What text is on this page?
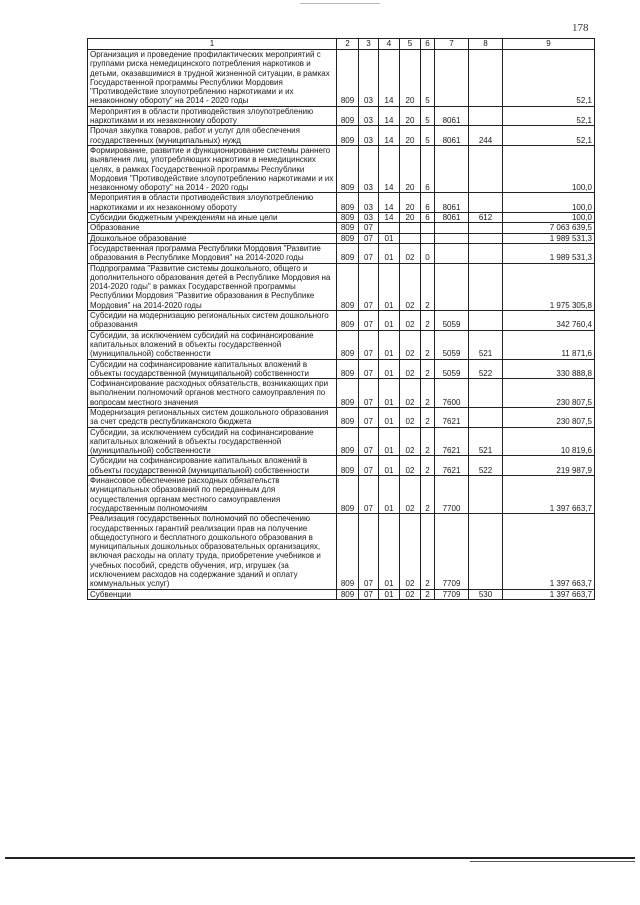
178
1	2	3	4	5	6	7	8	9
Организация и проведение профилактических мероприятий с группами риска немедицинского потребления наркотиков и детьми, оказавшимися в трудной жизненной ситуации, в рамках Государственной программы Республики Мордовия "Противодействие злоупотреблению наркотиками и их незаконному обороту" на 2014 - 2020 годы	809	03	14	20	5			52,1
Мероприятия в области противодействия злоупотреблению наркотиками и их незаконному обороту	809	03	14	20	5	8061		52,1
Прочая закупка товаров, работ и услуг для обеспечения государственных (муниципальных) нужд	809	03	14	20	5	8061	244	52,1
Формирование, развитие и функционирование системы раннего выявления лиц, употребляющих наркотики в немедицинских целях, в рамках Государственной программы Республики Мордовия "Противодействие злоупотреблению наркотиками и их незаконному обороту" на 2014 - 2020 годы	809	03	14	20	6			100,0
Мероприятия в области противодействия злоупотреблению наркотиками и их незаконному обороту	809	03	14	20	6	8061		100,0
Субсидии бюджетным учреждениям на иные цели	809	03	14	20	6	8061	612	100,0
Образование	809	07						7 063 639,5
Дошкольное образование	809	07	01					1 989 531,3
Государственная программа Республики Мордовия "Развитие образования в Республике Мордовия" на 2014-2020 годы	809	07	01	02	0			1 989 531,3
Подпрограмма "Развитие системы дошкольного, общего и дополнительного образования детей в Республике Мордовия на 2014-2020 годы" в рамках Государственной программы Республики Мордовия "Развитие образования в Республике Мордовия" на 2014-2020 годы	809	07	01	02	2			1 975 305,8
Субсидии на модернизацию региональных систем дошкольного образования	809	07	01	02	2	5059		342 760,4
Субсидии, за исключением субсидий на софинансирование капитальных вложений в объекты государственной (муниципальной) собственности	809	07	01	02	2	5059	521	11 871,6
Субсидии на софинансирование капитальных вложений в объекты государственной (муниципальной) собственности	809	07	01	02	2	5059	522	330 888,8
Софинансирование расходных обязательств, возникающих при выполнении полномочий органов местного самоуправления по вопросам местного значения	809	07	01	02	2	7600		230 807,5
Модернизация региональных систем дошкольного образования за счет средств республиканского бюджета	809	07	01	02	2	7621		230 807,5
Субсидии, за исключением субсидий на софинансирование капитальных вложений в объекты государственной (муниципальной) собственности	809	07	01	02	2	7621	521	10 819,6
Субсидии на софинансирование капитальных вложений в объекты государственной (муниципальной) собственности	809	07	01	02	2	7621	522	219 987,9
Финансовое обеспечение расходных обязательств муниципальных образований по переданным для осуществления органам местного самоуправления государственным полномочиям	809	07	01	02	2	7700		1 397 663,7
Реализация государственных полномочий по обеспечению государственных гарантий реализации прав на получение общедоступного и бесплатного дошкольного образования в муниципальных дошкольных образовательных организациях, включая расходы на оплату труда, приобретение учебников и учебных пособий, средств обучения, игр, игрушек (за исключением расходов на содержание зданий и оплату коммунальных услуг)	809	07	01	02	2	7709		1 397 663,7
Субвенции	809	07	01	02	2	7709	530	1 397 663,7
